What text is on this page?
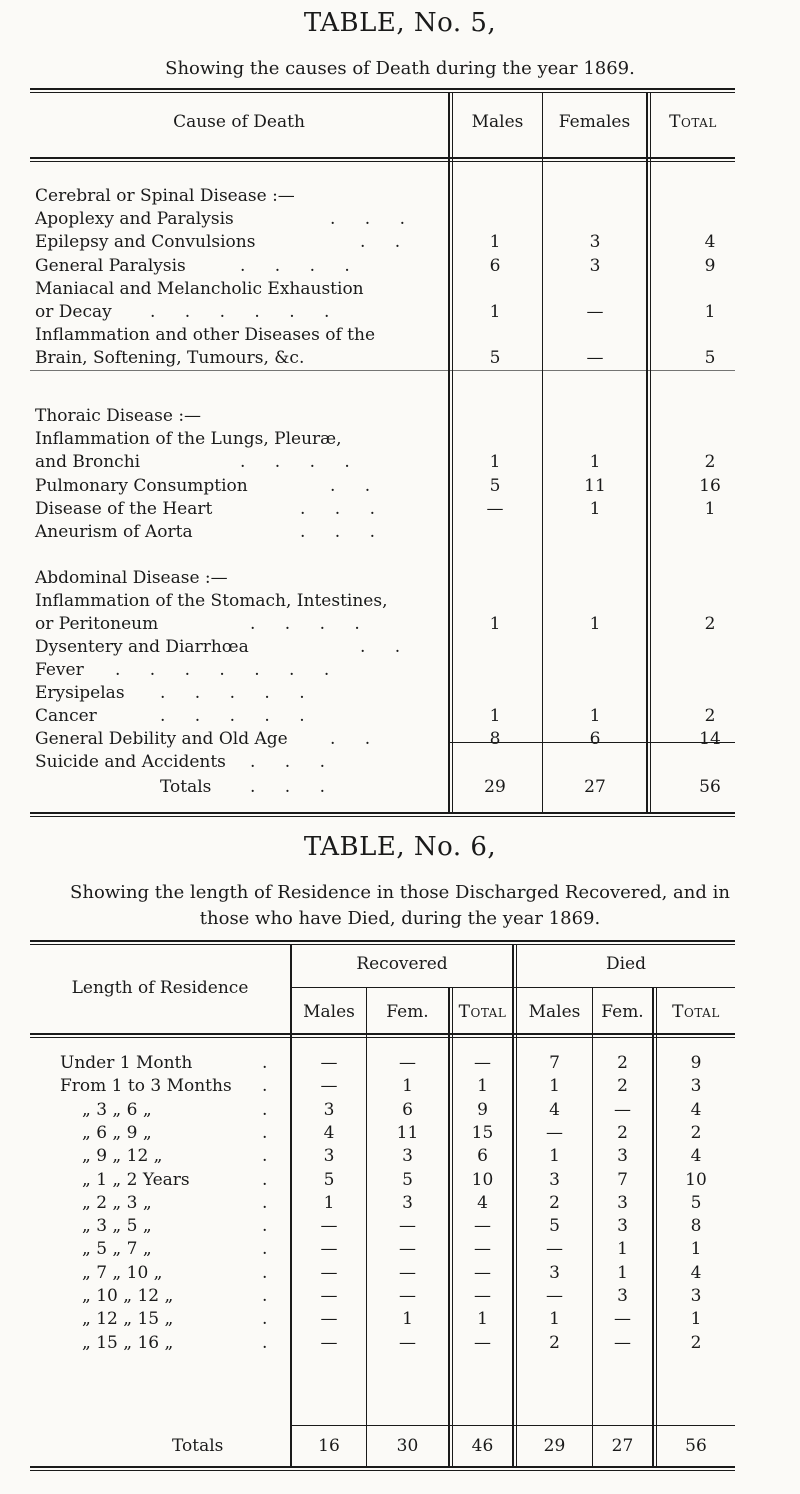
TABLE, No. 5,
Showing the causes of Death during the year 1869.
Cause of Death	Males	Females	Total
Cerebral or Spinal Disease :—
Apoplexy and Paralysis	. . .
Epilepsy and Convulsions	. .	1	3	4
General Paralysis	. . . .	6	3	9
Maniacal and Melancholic Exhaustion
or Decay . . . . . .	1	—	1
Inflammation and other Diseases of the
Brain, Softening, Tumours, &c.	5	—	5
Thoraic Disease :—
Inflammation of the Lungs, Pleuræ,
and Bronchi	. . . .	1	1	2
Pulmonary Consumption	. .	5	11	16
Disease of the Heart	. . .	—	1	1
Aneurism of Aorta	. . .
Abdominal Disease :—
Inflammation of the Stomach, Intestines,
or Peritoneum	. . . .	1	1	2
Dysentery and Diarrhœa	. .
Fever . . . . . . .
Erysipelas . . . . .
Cancer	. . . . .	1	1	2
General Debility and Old Age . .	8	6	14
Suicide and Accidents . . .
Totals . . .	29	27	56
TABLE, No. 6,
Showing the length of Residence in those Discharged Recovered, and in
those who have Died, during the year 1869.
Length of Residence
Recovered	Died
Males	Fem.	Total	Males	Fem.	Total
Under 1 Month	.	—	—	—	7	2	9
From 1 to 3 Months .	—	1	1	1	2	3
„ 3 „ 6 „	.	3	6	9	4	—	4
„ 6 „ 9 „	.	4	11	15	—	2	2
„ 9 „ 12 „	.	3	3	6	1	3	4
„ 1 „ 2 Years	.	5	5	10	3	7	10
„ 2 „ 3 „	.	1	3	4	2	3	5
„ 3 „ 5 „	.	—	—	—	5	3	8
„ 5 „ 7 „	.	—	—	—	—	1	1
„ 7 „ 10 „	.	—	—	—	3	1	4
„ 10 „ 12 „	.	—	—	—	—	3	3
„ 12 „ 15 „	.	—	1	1	1	—	1
„ 15 „ 16 „	.	—	—	—	2	—	2
Totals	16	30	46	29	27	56
